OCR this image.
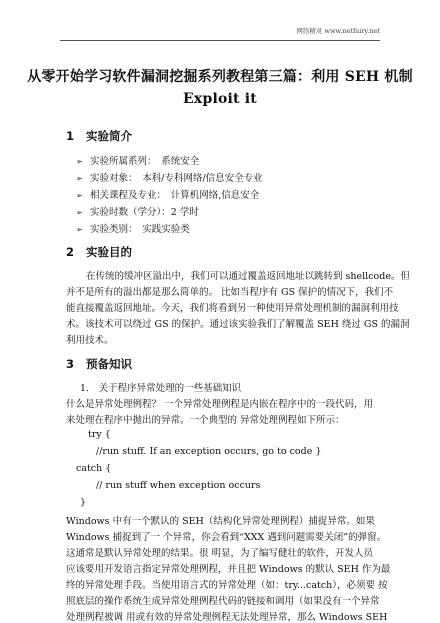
网络精灵 www.netfairy.net
从零开始学习软件漏洞挖掘系列教程第三篇：利用 SEH 机制
Exploit it
1 实验简介
➢ 实验所属系列：　系统安全
➢ 实验对象：　本科/专科网络/信息安全专业
➢ 相关课程及专业：　计算机网络,信息安全
➢ 实验时数（学分）：2 学时
➢ 实验类别：　实践实验类
2 实验目的
在传统的缓冲区溢出中，我们可以通过覆盖返回地址以跳转到 shellcode。但
并不是所有的溢出都是那么简单的。 比如当程序有 GS 保护的情况下，我们不
能直接覆盖返回地址。今天，我们将看到另一种使用异常处理机制的漏洞利用技
术。该技术可以绕过 GS 的保护。通过该实验我们了解覆盖 SEH 绕过 GS 的漏洞
利用技术。
3 预备知识
1.　关于程序异常处理的一些基础知识
什么是异常处理例程？ 一个异常处理例程是内嵌在程序中的一段代码，用
来处理在程序中抛出的异常。一个典型的 异常处理例程如下所示：
try {
//run stuff. If an exception occurs, go to code }
catch {
// run stuff when exception occurs
}
Windows 中有一个默认的 SEH（结构化异常处理例程）捕捉异常。如果
Windows 捕捉到了一 个异常，你会看到“XXX 遇到问题需要关闭”的弹窗。
这通常是默认异常处理的结果。很 明显，为了编写健壮的软件，开发人员
应该要用开发语言指定异常处理例程，并且把 Windows 的默认 SEH 作为最
终的异常处理手段。当使用语言式的异常处理（如：try...catch），必须要 按
照底层的操作系统生成异常处理例程代码的链接和调用（如果没有一个异常
处理例程被调 用或有效的异常处理例程无法处理异常，那么 Windows SEH
